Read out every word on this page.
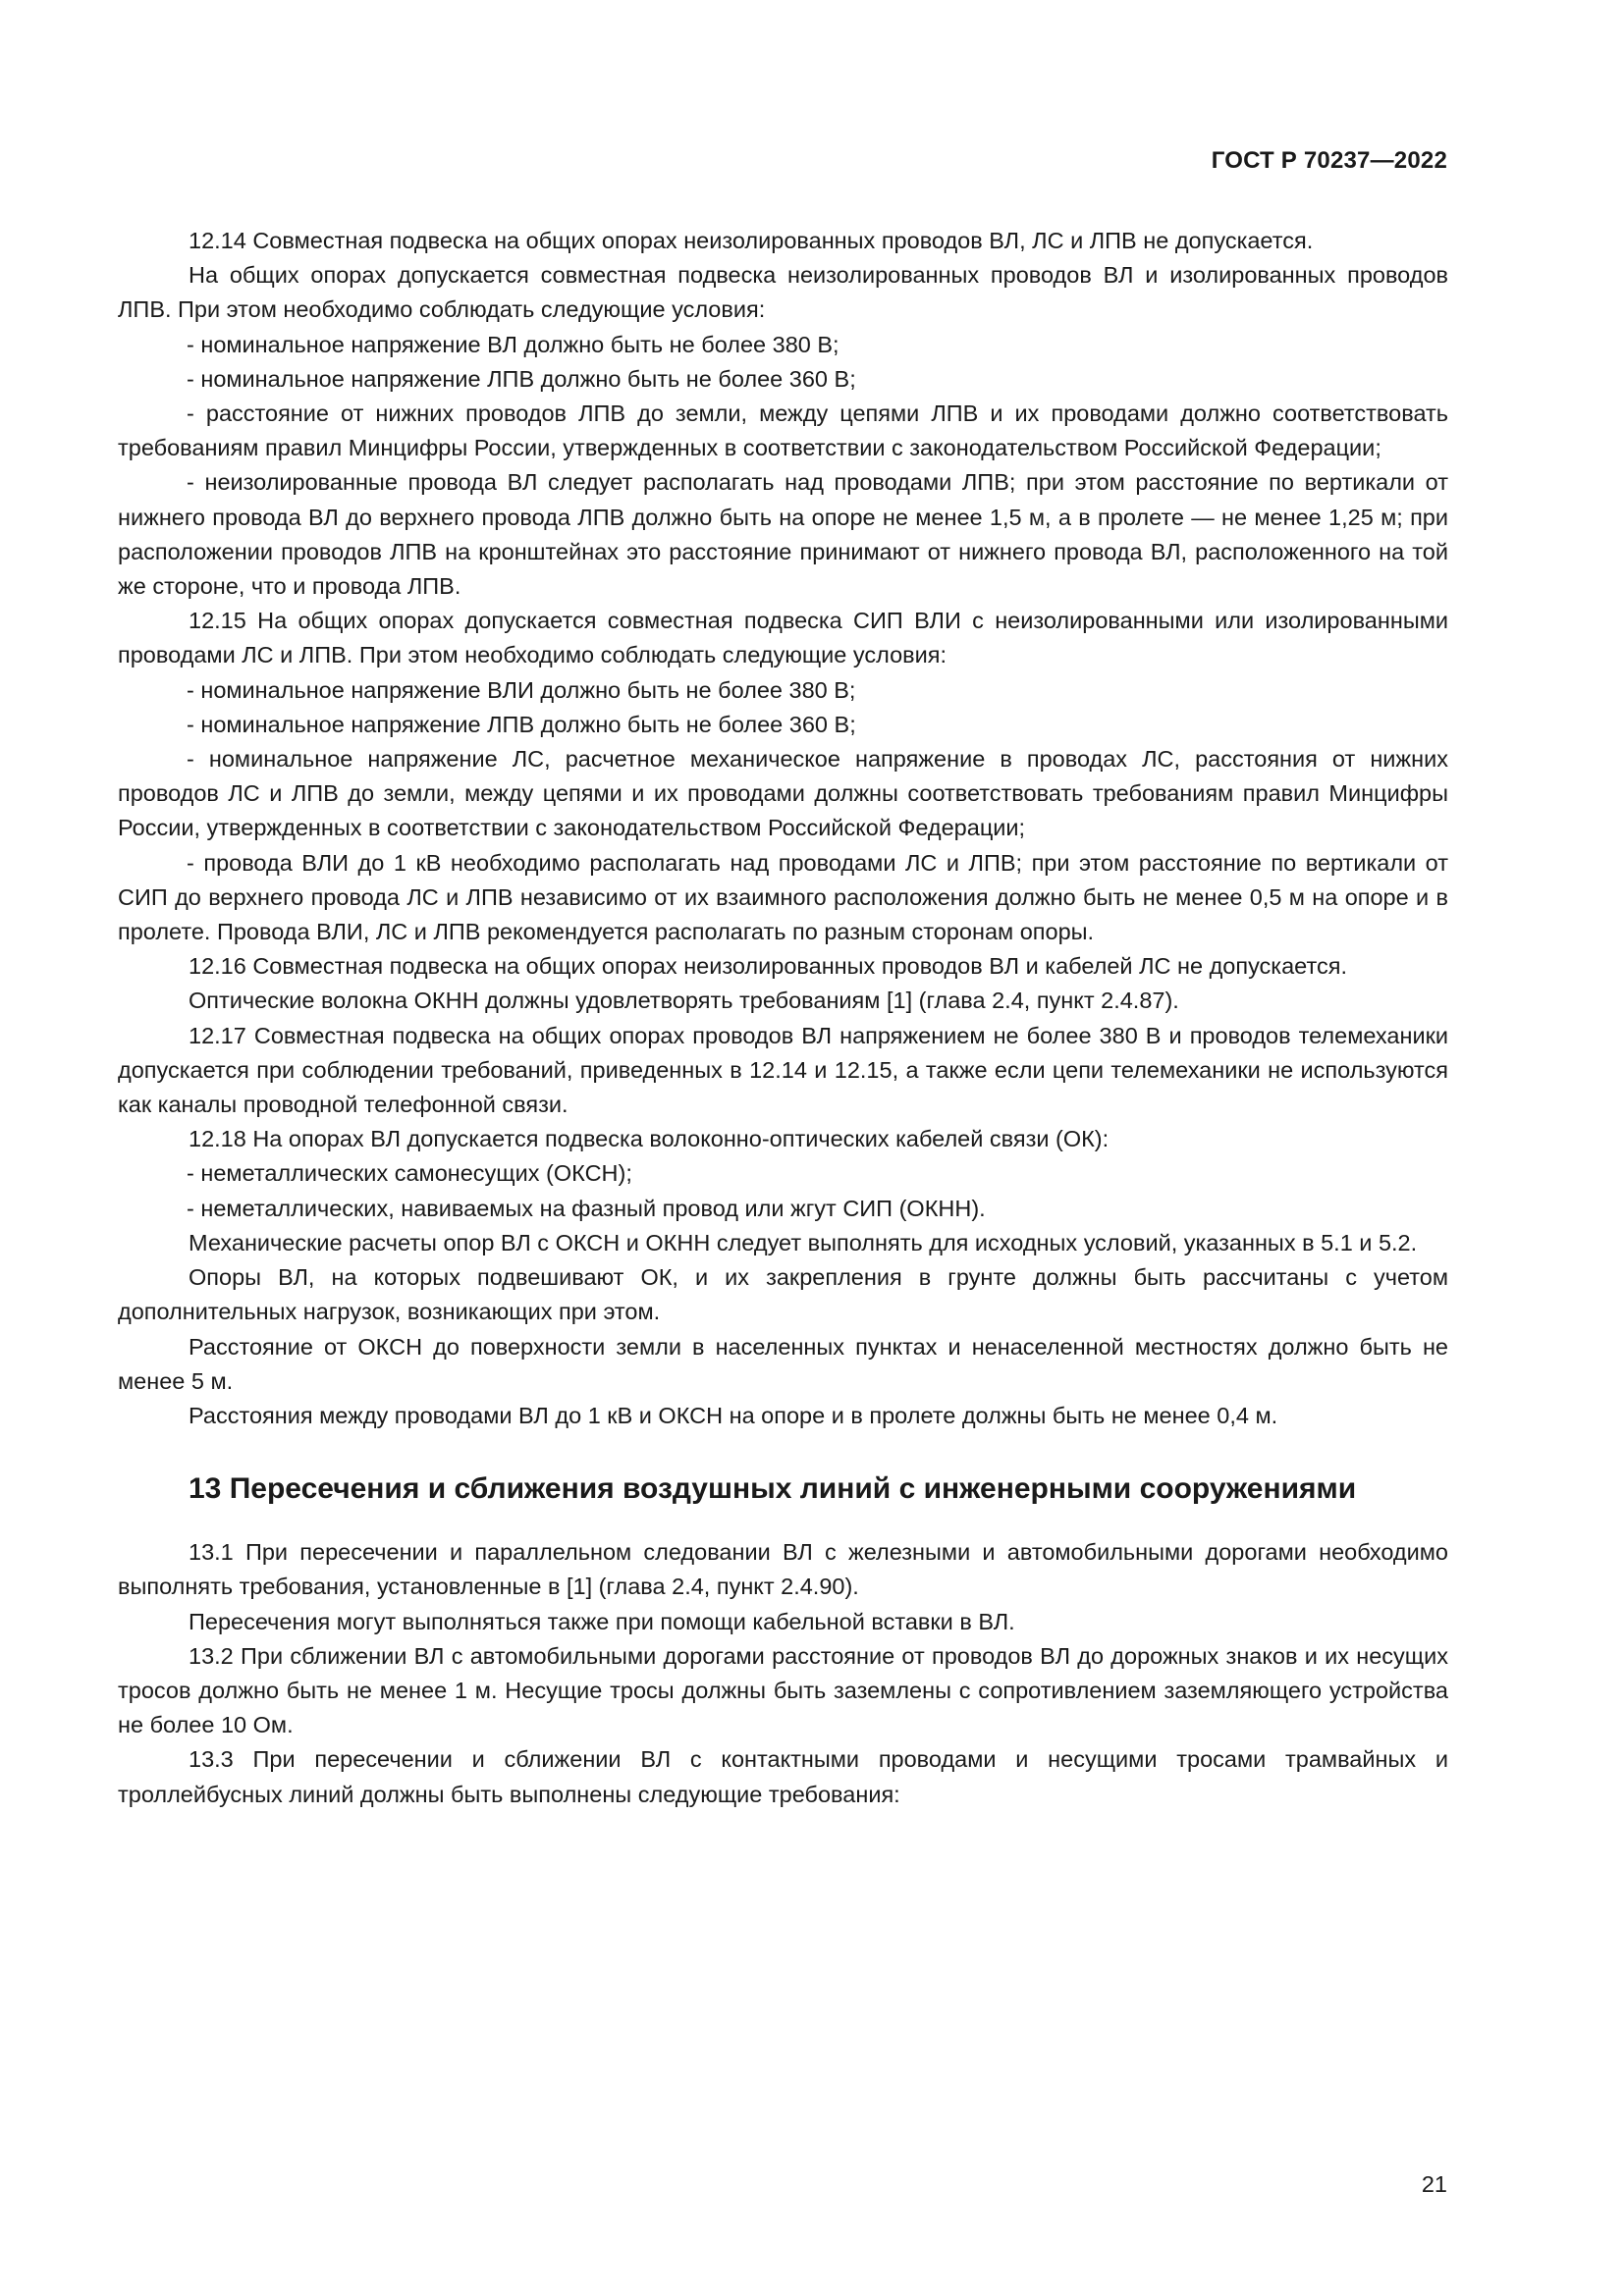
ГОСТ Р 70237—2022

12.14 Совместная подвеска на общих опорах неизолированных проводов ВЛ, ЛС и ЛПВ не допускается.

На общих опорах допускается совместная подвеска неизолированных проводов ВЛ и изолированных проводов ЛПВ. При этом необходимо соблюдать следующие условия:

- номинальное напряжение ВЛ должно быть не более 380 В;

- номинальное напряжение ЛПВ должно быть не более 360 В;

- расстояние от нижних проводов ЛПВ до земли, между цепями ЛПВ и их проводами должно соответствовать требованиям правил Минцифры России, утвержденных в соответствии с законодательством Российской Федерации;

- неизолированные провода ВЛ следует располагать над проводами ЛПВ; при этом расстояние по вертикали от нижнего провода ВЛ до верхнего провода ЛПВ должно быть на опоре не менее 1,5 м, а в пролете — не менее 1,25 м; при расположении проводов ЛПВ на кронштейнах это расстояние принимают от нижнего провода ВЛ, расположенного на той же стороне, что и провода ЛПВ.

12.15 На общих опорах допускается совместная подвеска СИП ВЛИ с неизолированными или изолированными проводами ЛС и ЛПВ. При этом необходимо соблюдать следующие условия:

- номинальное напряжение ВЛИ должно быть не более 380 В;

- номинальное напряжение ЛПВ должно быть не более 360 В;

- номинальное напряжение ЛС, расчетное механическое напряжение в проводах ЛС, расстояния от нижних проводов ЛС и ЛПВ до земли, между цепями и их проводами должны соответствовать требованиям правил Минцифры России, утвержденных в соответствии с законодательством Российской Федерации;

- провода ВЛИ до 1 кВ необходимо располагать над проводами ЛС и ЛПВ; при этом расстояние по вертикали от СИП до верхнего провода ЛС и ЛПВ независимо от их взаимного расположения должно быть не менее 0,5 м на опоре и в пролете. Провода ВЛИ, ЛС и ЛПВ рекомендуется располагать по разным сторонам опоры.

12.16 Совместная подвеска на общих опорах неизолированных проводов ВЛ и кабелей ЛС не допускается.

Оптические волокна ОКНН должны удовлетворять требованиям [1] (глава 2.4, пункт 2.4.87).

12.17 Совместная подвеска на общих опорах проводов ВЛ напряжением не более 380 В и проводов телемеханики допускается при соблюдении требований, приведенных в 12.14 и 12.15, а также если цепи телемеханики не используются как каналы проводной телефонной связи.

12.18 На опорах ВЛ допускается подвеска волоконно-оптических кабелей связи (ОК):

- неметаллических самонесущих (ОКСН);

- неметаллических, навиваемых на фазный провод или жгут СИП (ОКНН).

Механические расчеты опор ВЛ с ОКСН и ОКНН следует выполнять для исходных условий, указанных в 5.1 и 5.2.

Опоры ВЛ, на которых подвешивают ОК, и их закрепления в грунте должны быть рассчитаны с учетом дополнительных нагрузок, возникающих при этом.

Расстояние от ОКСН до поверхности земли в населенных пунктах и ненаселенной местностях должно быть не менее 5 м.

Расстояния между проводами ВЛ до 1 кВ и ОКСН на опоре и в пролете должны быть не менее 0,4 м.

13 Пересечения и сближения воздушных линий с инженерными сооружениями

13.1 При пересечении и параллельном следовании ВЛ с железными и автомобильными дорогами необходимо выполнять требования, установленные в [1] (глава 2.4, пункт 2.4.90).

Пересечения могут выполняться также при помощи кабельной вставки в ВЛ.

13.2 При сближении ВЛ с автомобильными дорогами расстояние от проводов ВЛ до дорожных знаков и их несущих тросов должно быть не менее 1 м. Несущие тросы должны быть заземлены с сопротивлением заземляющего устройства не более 10 Ом.

13.3 При пересечении и сближении ВЛ с контактными проводами и несущими тросами трамвайных и троллейбусных линий должны быть выполнены следующие требования:

21
